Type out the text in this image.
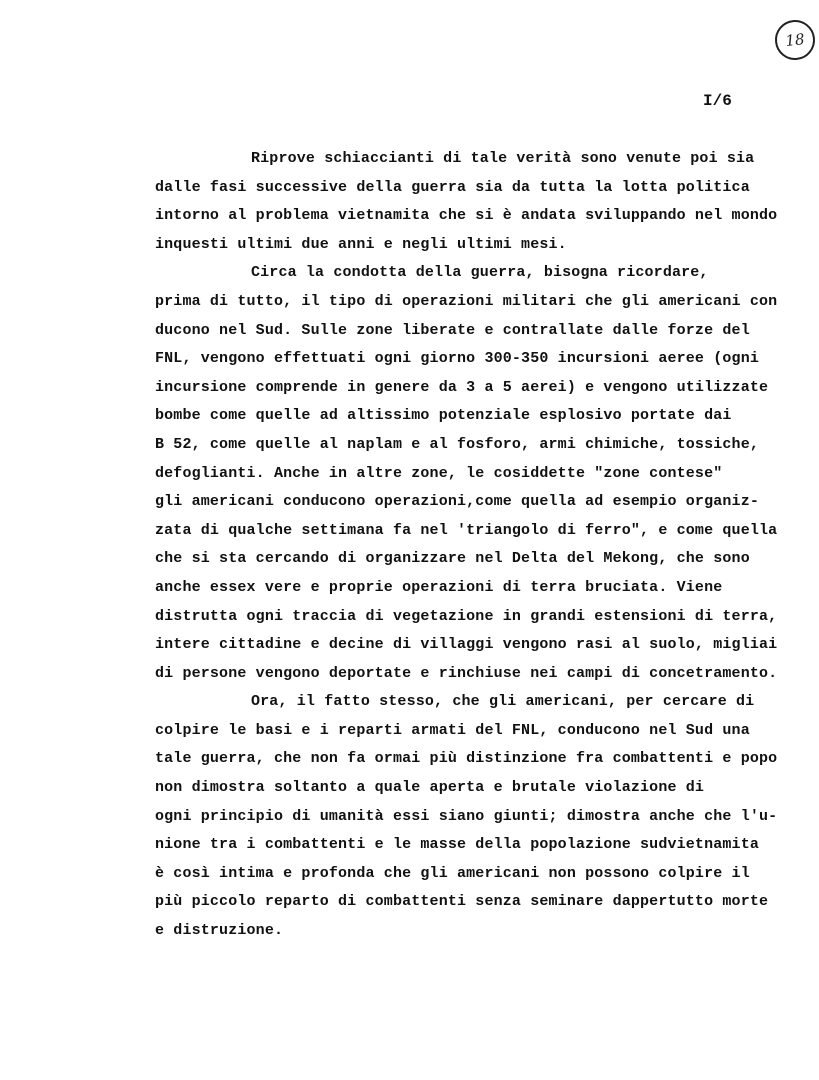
18
I/6
Riprove schiaccianti di tale verità sono venute poi sia
dalle fasi successive della guerra sia da tutta la lotta politica
intorno al problema vietnamita che si è andata sviluppando nel mondo
inquesti ultimi due anni e negli ultimi mesi.
Circa la condotta della guerra, bisogna ricordare,
prima di tutto, il tipo di operazioni militari che gli americani con
ducono nel Sud. Sulle zone liberate e contrallate dalle forze del
FNL, vengono effettuati ogni giorno 300-350 incursioni aeree (ogni
incursione comprende in genere da 3 a 5 aerei) e vengono utilizzate
bombe come quelle ad altissimo potenziale esplosivo portate dai
B 52, come quelle al naplam e al fosforo, armi chimiche, tossiche,
defoglianti. Anche in altre zone, le cosiddette "zone contese"
gli americani conducono operazioni,come quella ad esempio organiz-
zata di qualche settimana fa nel 'triangolo di ferro", e come quella
che si sta cercando di organizzare nel Delta del Mekong, che sono
anche essex vere e proprie operazioni di terra bruciata. Viene
distrutta ogni traccia di vegetazione in grandi estensioni di terra,
intere cittadine e decine di villaggi vengono rasi al suolo, migliai
di persone vengono deportate e rinchiuse nei campi di concetramento.
Ora, il fatto stesso, che gli americani, per cercare di
colpire le basi e i reparti armati del FNL, conducono nel Sud una
tale guerra, che non fa ormai più distinzione fra combattenti e popo
non dimostra soltanto a quale aperta e brutale violazione di
ogni principio di umanità essi siano giunti; dimostra anche che l'u-
nione tra i combattenti e le masse della popolazione sudvietnamita
è così intima e profonda che gli americani non possono colpire il
più piccolo reparto di combattenti senza seminare dappertutto morte
e distruzione.
